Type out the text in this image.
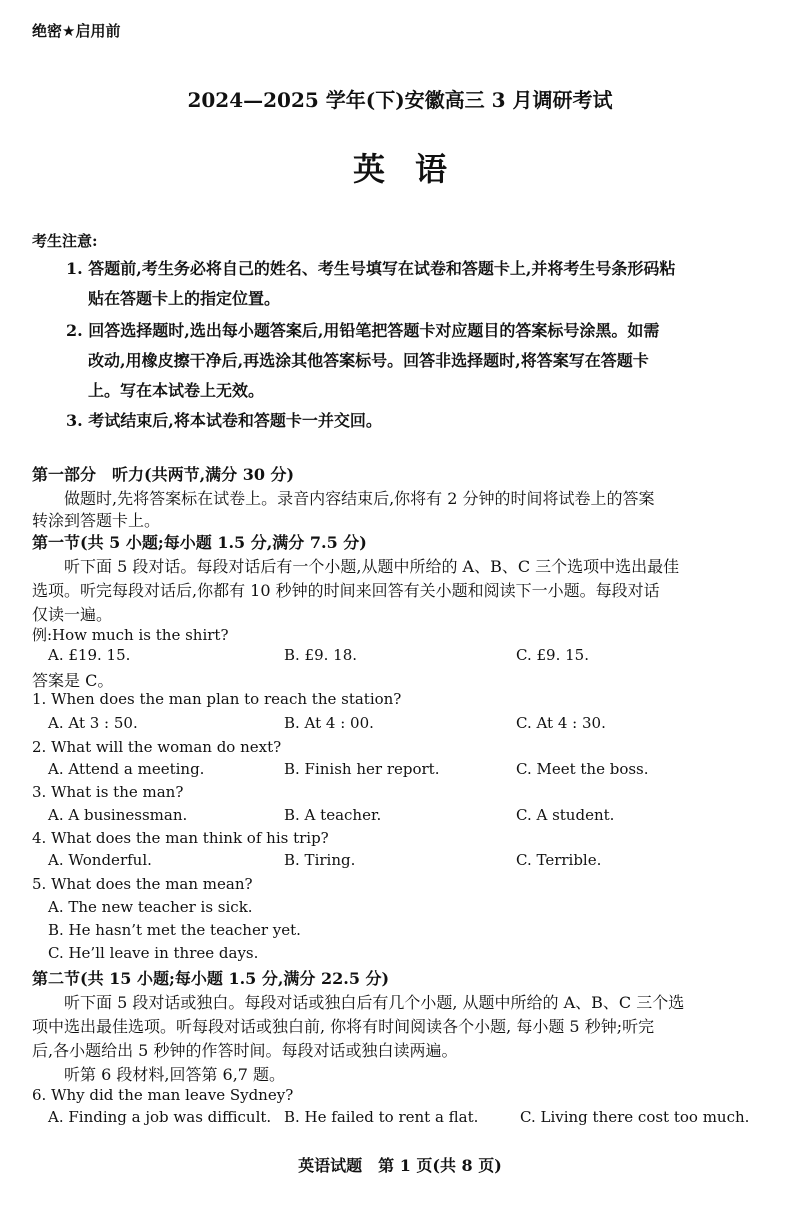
绝密★启用前
2024—2025 学年(下)安徽高三 3 月调研考试
英语
考生注意:
1. 答题前,考生务必将自己的姓名、考生号填写在试卷和答题卡上,并将考生号条形码粘
贴在答题卡上的指定位置。
2. 回答选择题时,选出每小题答案后,用铅笔把答题卡对应题目的答案标号涂黑。如需
改动,用橡皮擦干净后,再选涂其他答案标号。回答非选择题时,将答案写在答题卡
上。写在本试卷上无效。
3. 考试结束后,将本试卷和答题卡一并交回。
第一部分　听力(共两节,满分 30 分)
做题时,先将答案标在试卷上。录音内容结束后,你将有 2 分钟的时间将试卷上的答案
转涂到答题卡上。
第一节(共 5 小题;每小题 1.5 分,满分 7.5 分)
听下面 5 段对话。每段对话后有一个小题,从题中所给的 A、B、C 三个选项中选出最佳
选项。听完每段对话后,你都有 10 秒钟的时间来回答有关小题和阅读下一小题。每段对话
仅读一遍。
例:How much is the shirt?
A. £19. 15.	B. £9. 18.	C. £9. 15.
答案是 C。
1. When does the man plan to reach the station?
A. At 3 : 50.	B. At 4 : 00.	C. At 4 : 30.
2. What will the woman do next?
A. Attend a meeting.	B. Finish her report.	C. Meet the boss.
3. What is the man?
A. A businessman.	B. A teacher.	C. A student.
4. What does the man think of his trip?
A. Wonderful.	B. Tiring.	C. Terrible.
5. What does the man mean?
A. The new teacher is sick.
B. He hasn’t met the teacher yet.
C. He’ll leave in three days.
第二节(共 15 小题;每小题 1.5 分,满分 22.5 分)
听下面 5 段对话或独白。每段对话或独白后有几个小题, 从题中所给的 A、B、C 三个选
项中选出最佳选项。听每段对话或独白前, 你将有时间阅读各个小题, 每小题 5 秒钟;听完
后,各小题给出 5 秒钟的作答时间。每段对话或独白读两遍。
听第 6 段材料,回答第 6,7 题。
6. Why did the man leave Sydney?
A. Finding a job was difficult. B. He failed to rent a flat.	C. Living there cost too much.
英语试题　第 1 页(共 8 页)
